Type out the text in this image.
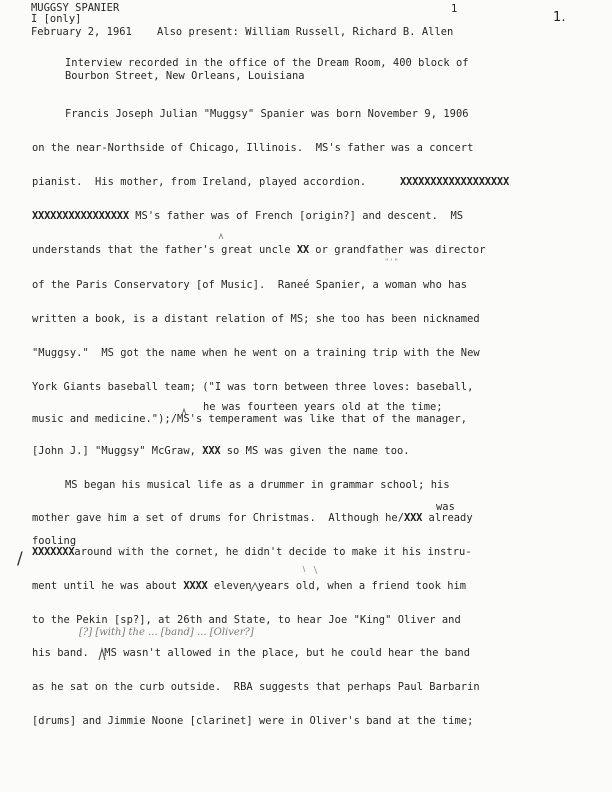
MUGGSY SPANIER	1
1.
I [only]
February 2, 1961 Also present: William Russell, Richard B. Allen
Interview recorded in the office of the Dream Room, 400 block of
Bourbon Street, New Orleans, Louisiana
Francis Joseph Julian "Muggsy" Spanier was born November 9, 1906
on the near-Northside of Chicago, Illinois.  MS's father was a concert
pianist.  His mother, from Ireland, played accordion.	XXXXXXXXXXXXXXXXXX
XXXXXXXXXXXXXXXX MS's father was of French [origin?] and descent.  MS
understands that the father's great uncle XX or grandfather was director
" ' "
of the Paris Conservatory [of Music].  Raneé Spanier, a woman who has
written a book, is a distant relation of MS; she too has been nicknamed
"Muggsy."  MS got the name when he went on a training trip with the New
York Giants baseball team; ("I was torn between three loves: baseball,
he was fourteen years old at the time;
music and medicine.");/MS's temperament was like that of the manager,
[John J.] "Muggsy" McGraw, XXX so MS was given the name too.
MS began his musical life as a drummer in grammar school; his
was
mother gave him a set of drums for Christmas.  Although he/XXX already
/
fooling
XXXXXXXaround with the cornet, he didn't decide to make it his instru-
ment until he was about XXXX eleven years old, when a friend took him
to the Pekin [sp?], at 26th and State, to hear Joe "King" Oliver and
[?] [with] the ... [band] ... [Oliver?]
his band. MS wasn't allowed in the place, but he could hear the band
as he sat on the curb outside.  RBA suggests that perhaps Paul Barbarin
[drums] and Jimmie Noone [clarinet] were in Oliver's band at the time;
